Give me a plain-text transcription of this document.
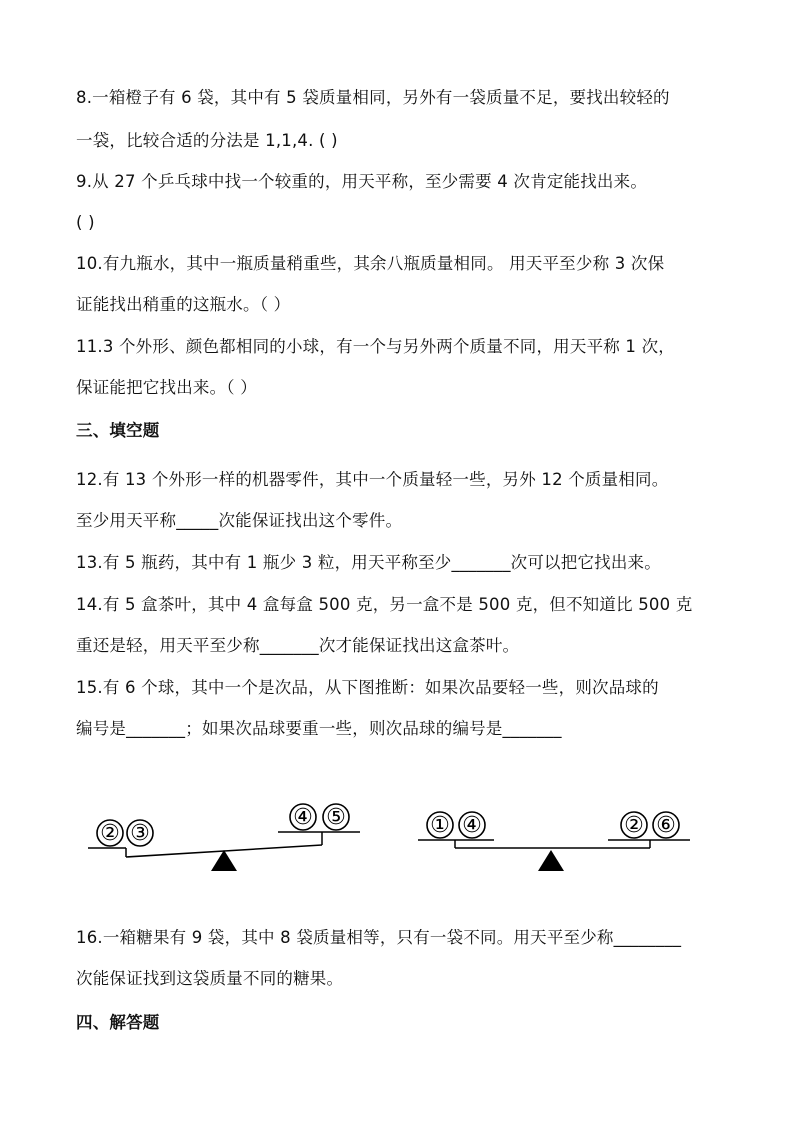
8.一箱橙子有 6 袋，其中有 5 袋质量相同，另外有一袋质量不足，要找出较轻的
一袋，比较合适的分法是 1,1,4. ( )
9.从 27 个乒乓球中找一个较重的，用天平称，至少需要 4 次肯定能找出来。
( )
10.有九瓶水，其中一瓶质量稍重些，其余八瓶质量相同。 用天平至少称 3 次保
证能找出稍重的这瓶水。（ ）
11.3 个外形、颜色都相同的小球，有一个与另外两个质量不同，用天平称 1 次，
保证能把它找出来。（ ）
三、填空题
12.有 13 个外形一样的机器零件，其中一个质量轻一些，另外 12 个质量相同。
至少用天平称_____次能保证找出这个零件。
13.有 5 瓶药，其中有 1 瓶少 3 粒，用天平称至少_______次可以把它找出来。
14.有 5 盒茶叶，其中 4 盒每盒 500 克，另一盒不是 500 克，但不知道比 500 克
重还是轻，用天平至少称_______次才能保证找出这盒茶叶。
15.有 6 个球，其中一个是次品，从下图推断：如果次品要轻一些，则次品球的
编号是_______；如果次品球要重一些，则次品球的编号是_______
② ③
④ ⑤	① ④	② ⑥
16.一箱糖果有 9 袋，其中 8 袋质量相等，只有一袋不同。用天平至少称________
次能保证找到这袋质量不同的糖果。
四、解答题
